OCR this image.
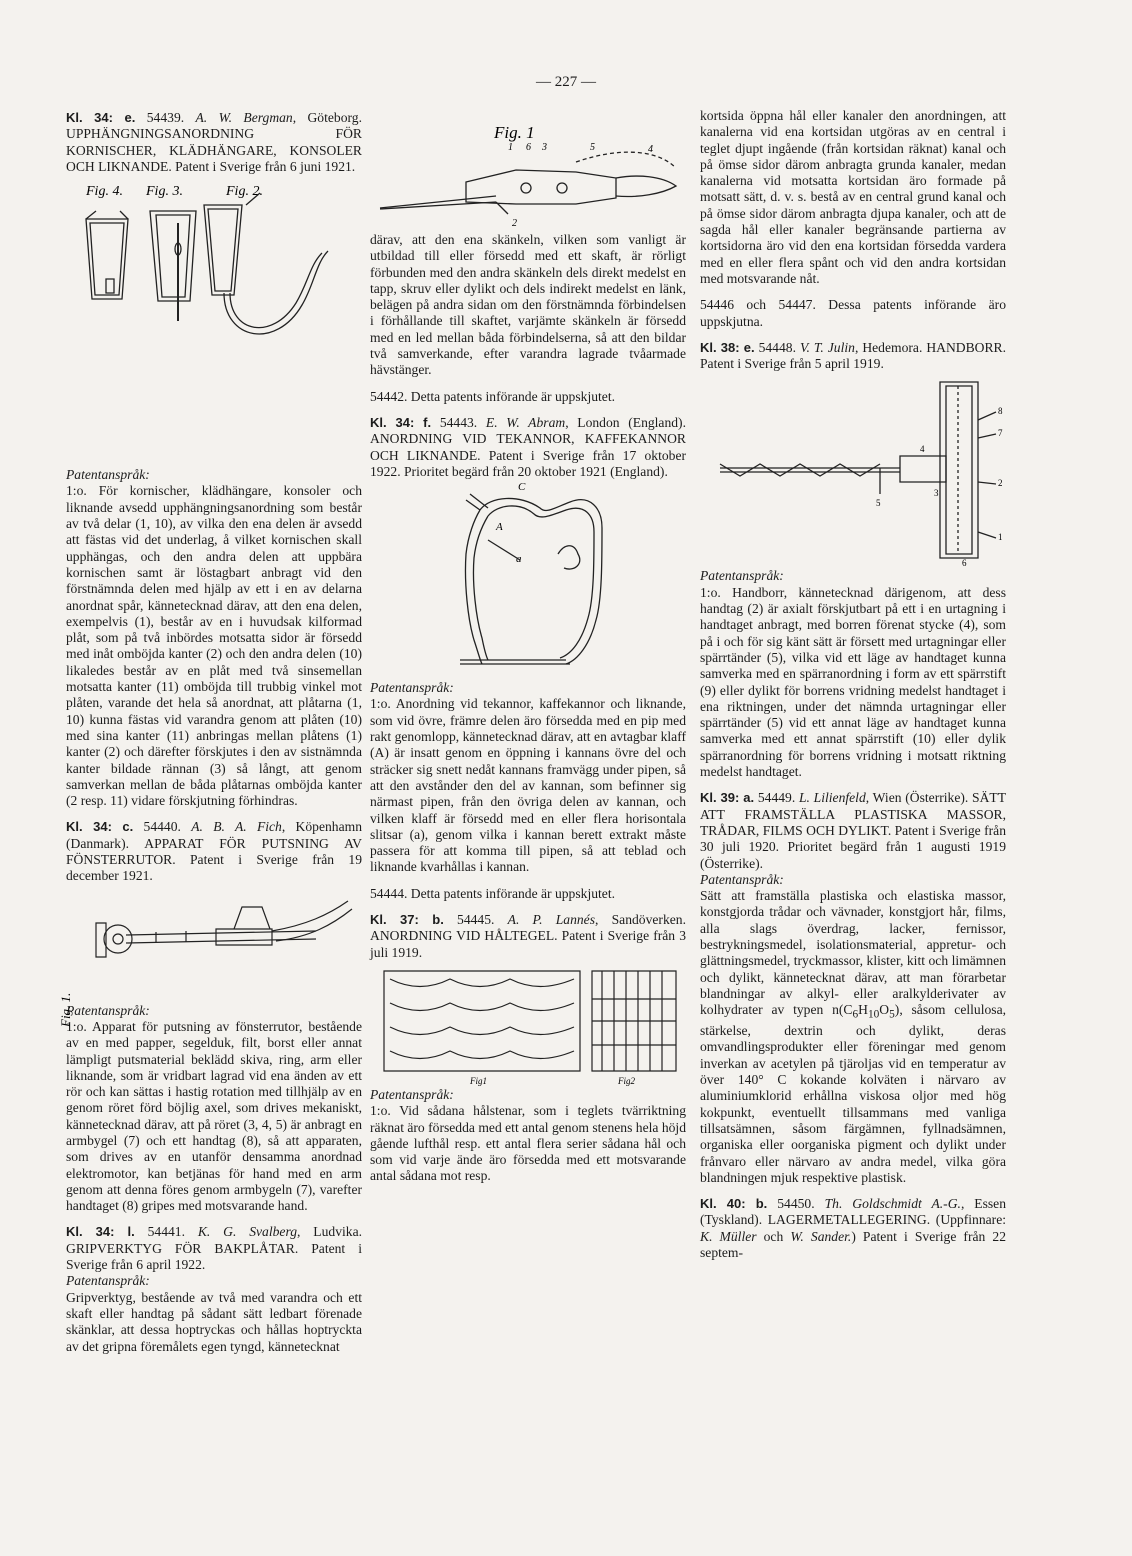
— 227 —

Kl. 34: e. 54439. A. W. Bergman, Göteborg. UPPHÄNGNINGSANORDNING FÖR KORNISCHER, KLÄDHÄNGARE, KONSOLER OCH LIKNANDE. Patent i Sverige från 6 juni 1921.

Fig. 4. Fig. 3.	Fig. 2.

Patentanspråk:

1:o. För kornischer, klädhängare, konsoler och liknande avsedd upphängningsanordning som består av två delar (1, 10), av vilka den ena delen är avsedd att fästas vid det underlag, å vilket kornischen skall upphängas, och den andra delen att uppbära kornischen samt är löstagbart anbragt vid den förstnämnda delen med hjälp av ett i en av delarna anordnat spår, kännetecknad därav, att den ena delen, exempelvis (1), består av en i huvudsak kilformad plåt, som på två inbördes motsatta sidor är försedd med inåt omböjda kanter (2) och den andra delen (10) likaledes består av en plåt med två sinsemellan motsatta kanter (11) omböjda till trubbig vinkel mot plåten, varande det hela så anordnat, att plåtarna (1, 10) kunna fästas vid varandra genom att plåten (10) med sina kanter (11) anbringas mellan plåtens (1) kanter (2) och därefter förskjutes i den av sistnämnda kanter bildade rännan (3) så långt, att genom samverkan mellan de båda plåtarnas omböjda kanter (2 resp. 11) vidare förskjutning förhindras.

Kl. 34: c. 54440. A. B. A. Fich, Köpenhamn (Danmark). APPARAT FÖR PUTSNING AV FÖNSTERRUTOR. Patent i Sverige från 19 december 1921.

Fig. 1.

Patentanspråk:

1:o. Apparat för putsning av fönsterrutor, bestående av en med papper, segelduk, filt, borst eller annat lämpligt putsmaterial beklädd skiva, ring, arm eller liknande, som är vridbart lagrad vid ena änden av ett rör och kan sättas i hastig rotation med tillhjälp av en genom röret förd böjlig axel, som drives mekaniskt, kännetecknad därav, att på röret (3, 4, 5) är anbragt en armbygel (7) och ett handtag (8), så att apparaten, som drives av en utanför densamma anordnad elektromotor, kan betjänas för hand med en arm genom att denna föres genom armbygeln (7), varefter handtaget (8) gripes med motsvarande hand.

Kl. 34: l. 54441. K. G. Svalberg, Ludvika. GRIPVERKTYG FÖR BAKPLÅTAR. Patent i Sverige från 6 april 1922.

Patentanspråk:

Gripverktyg, bestående av två med varandra och ett skaft eller handtag på sådant sätt ledbart förenade skänklar, att dessa hoptryckas och hållas hoptryckta av det gripna föremålets egen tyngd, kännetecknat

Fig. 1
1 6 3	5	4
2

därav, att den ena skänkeln, vilken som vanligt är utbildad till eller försedd med ett skaft, är rörligt förbunden med den andra skänkeln dels direkt medelst en tapp, skruv eller dylikt och dels indirekt medelst en länk, belägen på andra sidan om den förstnämnda förbindelsen i förhållande till skaftet, varjämte skänkeln är försedd med en led mellan båda förbindelserna, så att den bildar två samverkande, efter varandra lagrade tvåarmade hävstänger.

54442. Detta patents införande är uppskjutet.

Kl. 34: f. 54443. E. W. Abram, London (England). ANORDNING VID TEKANNOR, KAFFEKANNOR OCH LIKNANDE. Patent i Sverige från 17 oktober 1922. Prioritet begärd från 20 oktober 1921 (England).

C
A
a

Patentanspråk:

1:o. Anordning vid tekannor, kaffekannor och liknande, som vid övre, främre delen äro försedda med en pip med rakt genomlopp, kännetecknad därav, att en avtagbar klaff (A) är insatt genom en öppning i kannans övre del och sträcker sig snett nedåt kannans framvägg under pipen, så att den avstånder den del av kannan, som befinner sig närmast pipen, från den övriga delen av kannan, och vilken klaff är försedd med en eller flera horisontala slitsar (a), genom vilka i kannan berett extrakt måste passera för att komma till pipen, så att teblad och liknande kvarhållas i kannan.

54444. Detta patents införande är uppskjutet.

Kl. 37: b. 54445. A. P. Lannés, Sandöverken. ANORDNING VID HÅLTEGEL. Patent i Sverige från 3 juli 1919.

Fig1	Fig2

Patentanspråk:

1:o. Vid sådana hålstenar, som i teglets tvärriktning räknat äro försedda med ett antal genom stenens hela höjd gående lufthål resp. ett antal flera serier sådana hål och som vid varje ände äro försedda med ett motsvarande antal sådana mot resp.

kortsida öppna hål eller kanaler den anordningen, att kanalerna vid ena kortsidan utgöras av en central i teglet djupt ingående (från kortsidan räknat) kanal och på ömse sidor därom anbragta grunda kanaler, medan kanalerna vid motsatta kortsidan äro formade på motsatt sätt, d. v. s. bestå av en central grund kanal och på ömse sidor därom anbragta djupa kanaler, och att de sagda hål eller kanaler begränsande partierna av kortsidorna äro vid den ena kortsidan försedda vardera med en eller flera spånt och vid den andra kortsidan med motsvarande nåt.

54446 och 54447. Dessa patents införande äro uppskjutna.

Kl. 38: e. 54448. V. T. Julin, Hedemora. HANDBORR. Patent i Sverige från 5 april 1919.

8
7
2
1
5
4
3
6

Patentanspråk:

1:o. Handborr, kännetecknad därigenom, att dess handtag (2) är axialt förskjutbart på ett i en urtagning i handtaget anbragt, med borren förenat stycke (4), som på i och för sig känt sätt är försett med urtagningar eller spärrtänder (5), vilka vid ett läge av handtaget kunna samverka med en spärranordning i form av ett spärrstift (9) eller dylikt för borrens vridning medelst handtaget i ena riktningen, under det nämnda urtagningar eller spärrtänder (5) vid ett annat läge av handtaget kunna samverka med ett annat spärrstift (10) eller dylik spärranordning för borrens vridning i motsatt riktning medelst handtaget.

Kl. 39: a. 54449. L. Lilienfeld, Wien (Österrike). SÄTT ATT FRAMSTÄLLA PLASTISKA MASSOR, TRÅDAR, FILMS OCH DYLIKT. Patent i Sverige från 30 juli 1920. Prioritet begärd från 1 augusti 1919 (Österrike).

Patentanspråk:

Sätt att framställa plastiska och elastiska massor, konstgjorda trådar och vävnader, konstgjort hår, films, alla slags överdrag, lacker, fernissor, bestrykningsmedel, isolationsmaterial, appretur- och glättningsmedel, tryckmassor, klister, kitt och limämnen och dylikt, kännetecknat därav, att man förarbetar blandningar av alkyl- eller aralkylderivater av kolhydrater av typen $n(C_6H_{10}O_5)$, såsom cellulosa, stärkelse, dextrin och dylikt, deras omvandlingsprodukter eller föreningar med genom inverkan av acetylen på tjäroljas vid en temperatur av över 140° C kokande kolväten i närvaro av aluminiumklorid erhållna viskosa oljor med hög kokpunkt, eventuellt tillsammans med vanliga tillsatsämnen, såsom färgämnen, fyllnadsämnen, organiska eller oorganiska pigment och dylikt under frånvaro eller närvaro av andra medel, vilka göra blandningen mjuk respektive plastisk.

Kl. 40: b. 54450. Th. Goldschmidt A.-G., Essen (Tyskland). LAGERMETALLEGERING. (Uppfinnare: K. Müller och W. Sander.) Patent i Sverige från 22 septem-
